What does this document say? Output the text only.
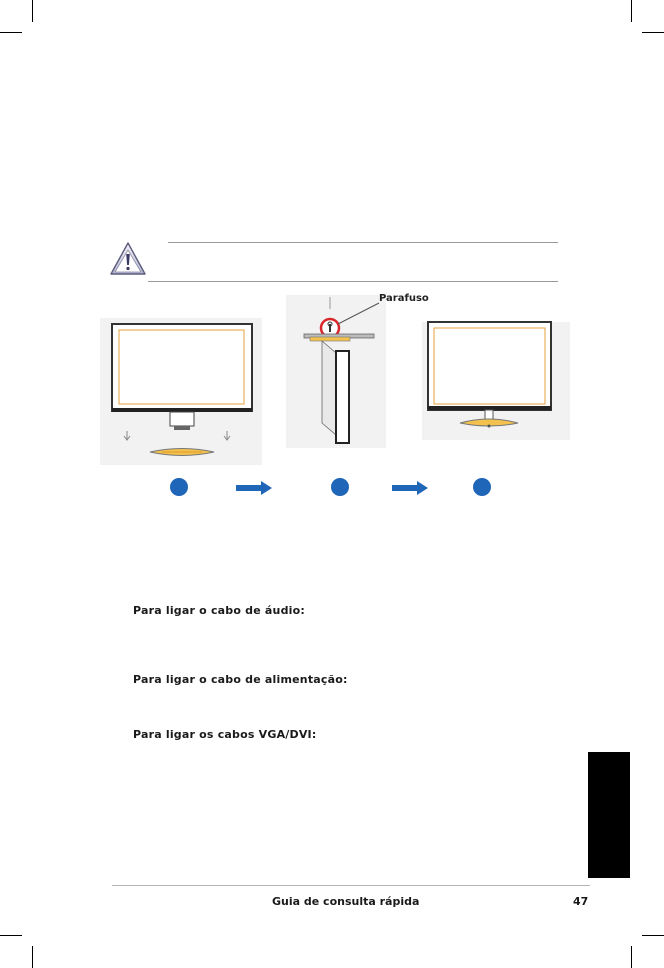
Parafuso
Para ligar o cabo de áudio:
Para ligar o cabo de alimentação:
Para ligar os cabos VGA/DVI:
Guia de consulta rápida	47
